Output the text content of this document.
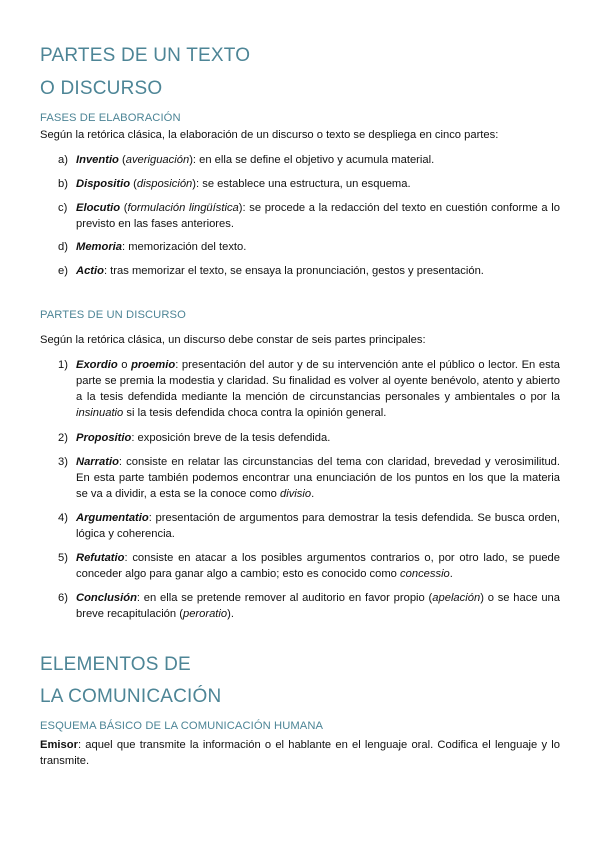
PARTES DE UN TEXTO
O DISCURSO
FASES DE ELABORACIÓN
Según la retórica clásica, la elaboración de un discurso o texto se despliega en cinco partes:
a) Inventio (averiguación): en ella se define el objetivo y acumula material.
b) Dispositio (disposición): se establece una estructura, un esquema.
c) Elocutio (formulación lingüística): se procede a la redacción del texto en cuestión conforme a lo previsto en las fases anteriores.
d) Memoria: memorización del texto.
e) Actio: tras memorizar el texto, se ensaya la pronunciación, gestos y presentación.
PARTES DE UN DISCURSO
Según la retórica clásica, un discurso debe constar de seis partes principales:
1) Exordio o proemio: presentación del autor y de su intervención ante el público o lector. En esta parte se premia la modestia y claridad. Su finalidad es volver al oyente benévolo, atento y abierto a la tesis defendida mediante la mención de circunstancias personales y ambientales o por la insinuatio si la tesis defendida choca contra la opinión general.
2) Propositio: exposición breve de la tesis defendida.
3) Narratio: consiste en relatar las circunstancias del tema con claridad, brevedad y verosimilitud. En esta parte también podemos encontrar una enunciación de los puntos en los que la materia se va a dividir, a esta se la conoce como divisio.
4) Argumentatio: presentación de argumentos para demostrar la tesis defendida. Se busca orden, lógica y coherencia.
5) Refutatio: consiste en atacar a los posibles argumentos contrarios o, por otro lado, se puede conceder algo para ganar algo a cambio; esto es conocido como concessio.
6) Conclusión: en ella se pretende remover al auditorio en favor propio (apelación) o se hace una breve recapitulación (peroratio).
ELEMENTOS DE
LA COMUNICACIÓN
ESQUEMA BÁSICO DE LA COMUNICACIÓN HUMANA
Emisor: aquel que transmite la información o el hablante en el lenguaje oral. Codifica el lenguaje y lo transmite.
